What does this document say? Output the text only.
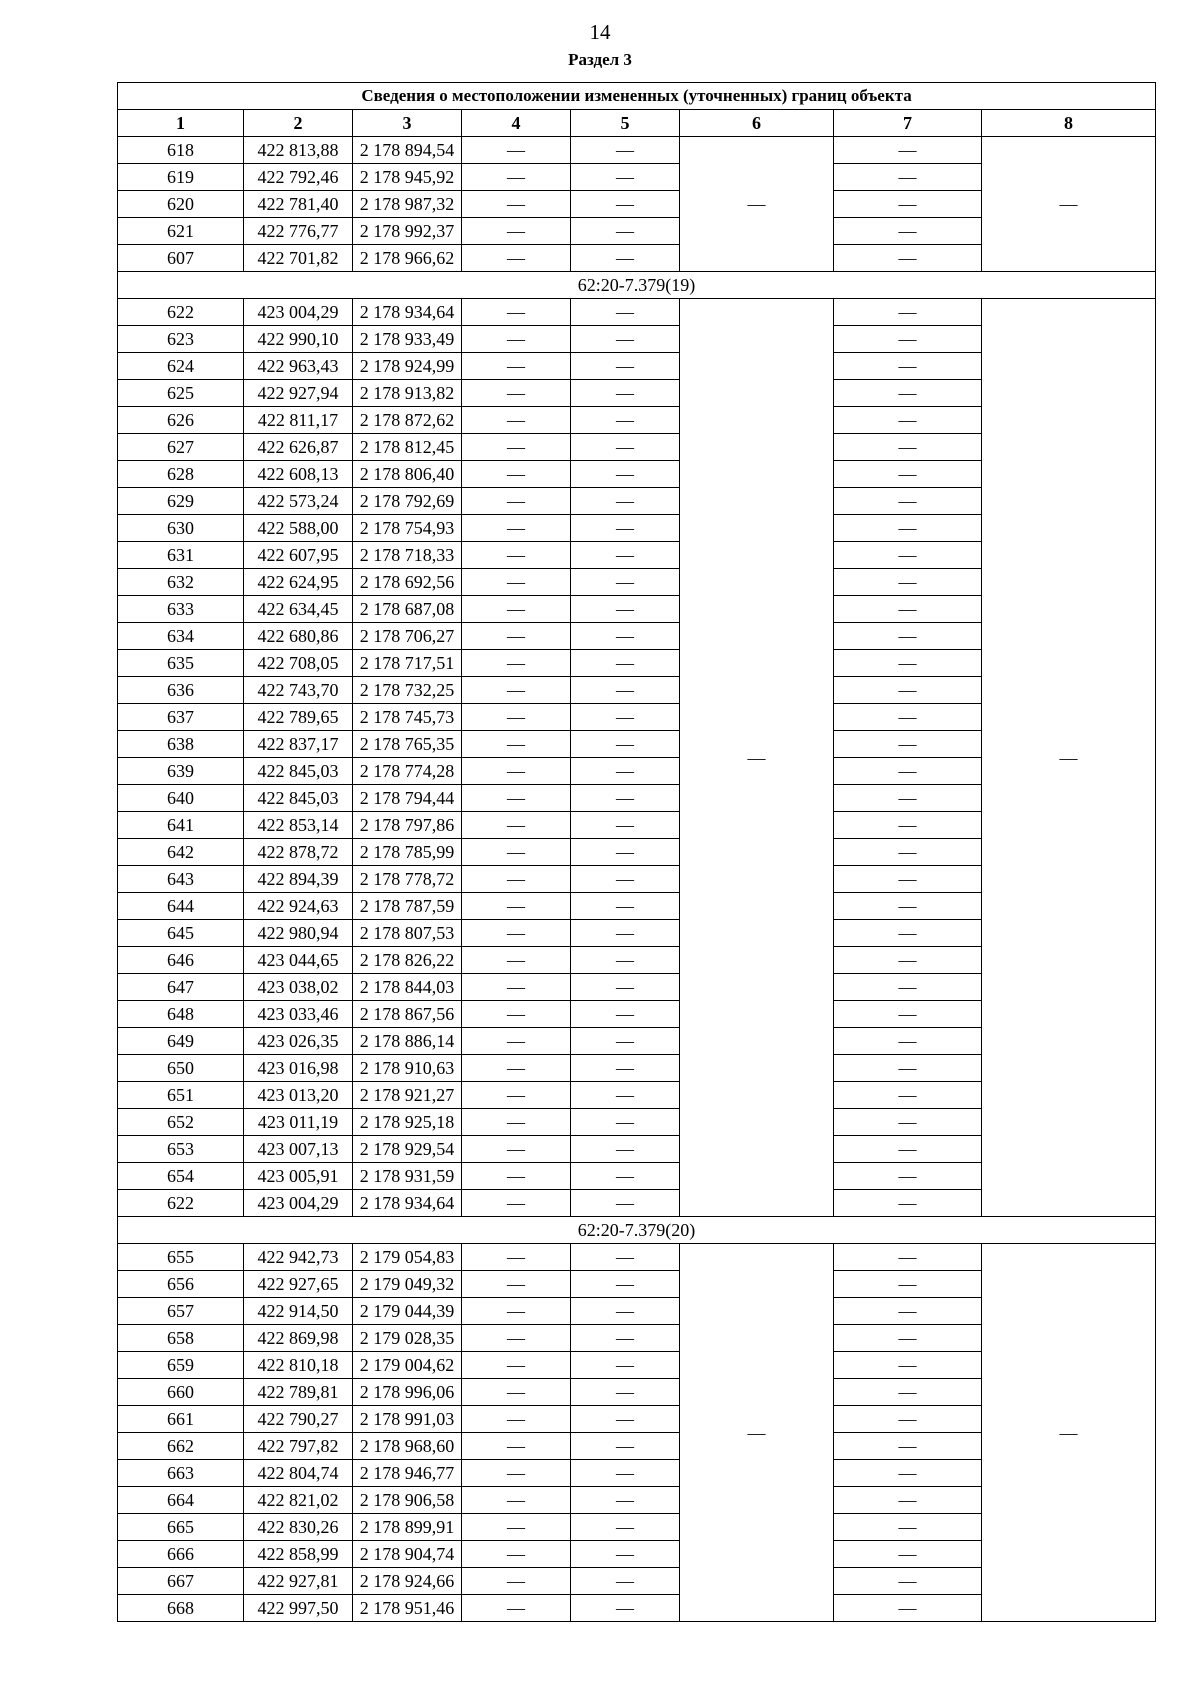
14
Раздел 3
Сведения о местоположении измененных (уточненных) границ объекта							
1	2	3	4	5	6	7	8
618	422 813,88	2 178 894,54	—	—	—	—	—
619	422 792,46	2 178 945,92	—	—		—	
620	422 781,40	2 178 987,32	—	—		—	
621	422 776,77	2 178 992,37	—	—		—	
607	422 701,82	2 178 966,62	—	—		—	
62:20-7.379(19)							
622	423 004,29	2 178 934,64	—	—	—	—	—
623	422 990,10	2 178 933,49	—	—		—	
624	422 963,43	2 178 924,99	—	—		—	
625	422 927,94	2 178 913,82	—	—		—	
626	422 811,17	2 178 872,62	—	—		—	
627	422 626,87	2 178 812,45	—	—		—	
628	422 608,13	2 178 806,40	—	—		—	
629	422 573,24	2 178 792,69	—	—		—	
630	422 588,00	2 178 754,93	—	—		—	
631	422 607,95	2 178 718,33	—	—		—	
632	422 624,95	2 178 692,56	—	—		—	
633	422 634,45	2 178 687,08	—	—		—	
634	422 680,86	2 178 706,27	—	—		—	
635	422 708,05	2 178 717,51	—	—		—	
636	422 743,70	2 178 732,25	—	—		—	
637	422 789,65	2 178 745,73	—	—		—	
638	422 837,17	2 178 765,35	—	—		—	
639	422 845,03	2 178 774,28	—	—		—	
640	422 845,03	2 178 794,44	—	—		—	
641	422 853,14	2 178 797,86	—	—		—	
642	422 878,72	2 178 785,99	—	—		—	
643	422 894,39	2 178 778,72	—	—		—	
644	422 924,63	2 178 787,59	—	—		—	
645	422 980,94	2 178 807,53	—	—		—	
646	423 044,65	2 178 826,22	—	—		—	
647	423 038,02	2 178 844,03	—	—		—	
648	423 033,46	2 178 867,56	—	—		—	
649	423 026,35	2 178 886,14	—	—		—	
650	423 016,98	2 178 910,63	—	—		—	
651	423 013,20	2 178 921,27	—	—		—	
652	423 011,19	2 178 925,18	—	—		—	
653	423 007,13	2 178 929,54	—	—		—	
654	423 005,91	2 178 931,59	—	—		—	
622	423 004,29	2 178 934,64	—	—		—	
62:20-7.379(20)							
655	422 942,73	2 179 054,83	—	—	—	—	—
656	422 927,65	2 179 049,32	—	—		—	
657	422 914,50	2 179 044,39	—	—		—	
658	422 869,98	2 179 028,35	—	—		—	
659	422 810,18	2 179 004,62	—	—		—	
660	422 789,81	2 178 996,06	—	—		—	
661	422 790,27	2 178 991,03	—	—		—	
662	422 797,82	2 178 968,60	—	—		—	
663	422 804,74	2 178 946,77	—	—		—	
664	422 821,02	2 178 906,58	—	—		—	
665	422 830,26	2 178 899,91	—	—		—	
666	422 858,99	2 178 904,74	—	—		—	
667	422 927,81	2 178 924,66	—	—		—	
668	422 997,50	2 178 951,46	—	—		—	
